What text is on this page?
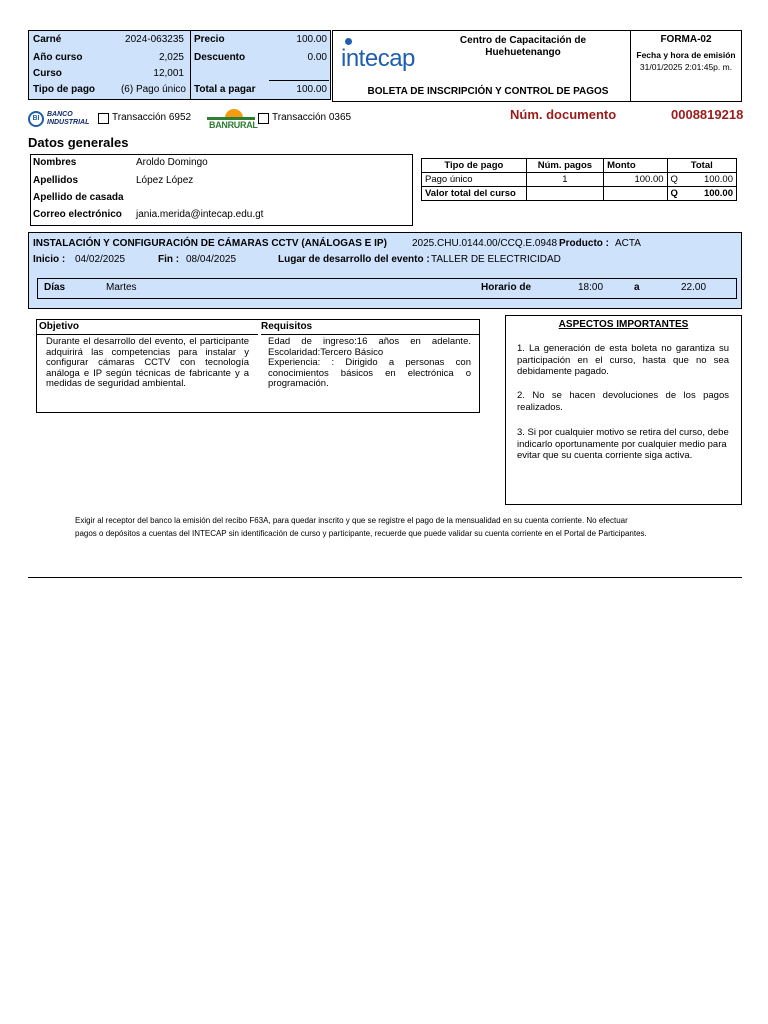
Carné	2024-063235
Año curso	2,025
Curso	12,001
Tipo de pago	(6) Pago único
Precio	100.00
Descuento	0.00
Total a pagar	100.00
intecap
Centro de Capacitación de
Huehuetenango
BOLETA DE INSCRIPCIÓN Y CONTROL DE PAGOS
FORMA-02
Fecha y hora de emisión
31/01/2025 2:01:45p. m.
BI
BANCO
INDUSTRIAL Transacción 6952
BANRURAL
Transacción 0365	Núm. documento	0008819218
Datos generales
Nombres	Aroldo Domingo
Apellidos	López López
Apellido de casada
Correo electrónico jania.merida@intecap.edu.gt
Tipo de pago	Núm. pagos	Monto	Total	
Pago único	1	100.00	Q	100.00
Valor total del curso			Q	100.00
INSTALACIÓN Y CONFIGURACIÓN DE CÁMARAS CCTV (ANÁLOGAS E IP)	2025.CHU.0144.00/CCQ.E.0948 Producto : ACTA
Inicio : 04/02/2025	Fin : 08/04/2025	Lugar de desarrollo del evento : TALLER DE ELECTRICIDAD
Días	Martes	Horario de	18:00	a	22.00
Objetivo	Requisitos
Durante el desarrollo del evento, el participante adquirirá las competencias para instalar y configurar cámaras CCTV con tecnología análoga e IP según técnicas de fabricante y a medidas de seguridad ambiental.
Edad de ingreso:16 años en adelante.
Escolaridad:Tercero Básico
Experiencia: : Dirigido a personas con conocimientos básicos en electrónica o programación.
ASPECTOS IMPORTANTES
1. La generación de esta boleta no garantiza su participación en el curso, hasta que no sea debidamente pagado.
2. No se hacen devoluciones de los pagos realizados.
3. Si por cualquier motivo se retira del curso, debe indicarlo oportunamente por cualquier medio para evitar que su cuenta corriente siga activa.
Exigir al receptor del banco la emisión del recibo F63A, para quedar inscrito y que se registre el pago de la mensualidad en su cuenta corriente. No efectuar
pagos o depósitos a cuentas del INTECAP sin identificación de curso y participante, recuerde que puede validar su cuenta corriente en el Portal de Participantes.
